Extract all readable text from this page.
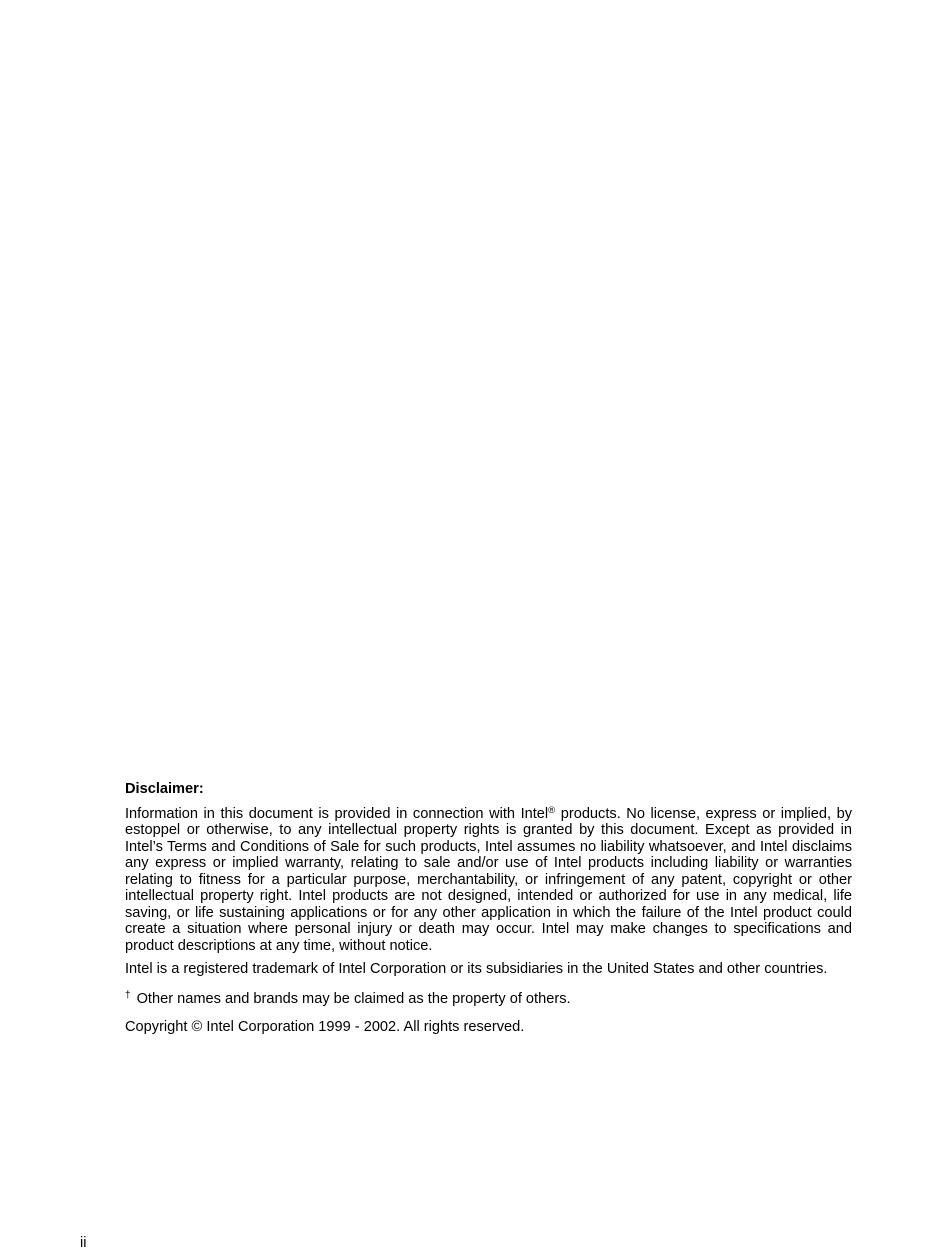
Disclaimer:

Information in this document is provided in connection with Intel® products. No license, express or implied, by estoppel or otherwise, to any intellectual property rights is granted by this document. Except as provided in Intel’s Terms and Conditions of Sale for such products, Intel assumes no liability whatsoever, and Intel disclaims any express or implied warranty, relating to sale and/or use of Intel products including liability or warranties relating to fitness for a particular purpose, merchantability, or infringement of any patent, copyright or other intellectual property right. Intel products are not designed, intended or authorized for use in any medical, life saving, or life sustaining applications or for any other application in which the failure of the Intel product could create a situation where personal injury or death may occur. Intel may make changes to specifications and product descriptions at any time, without notice.

Intel is a registered trademark of Intel Corporation or its subsidiaries in the United States and other countries.

† Other names and brands may be claimed as the property of others.

Copyright © Intel Corporation 1999 - 2002. All rights reserved.

ii
